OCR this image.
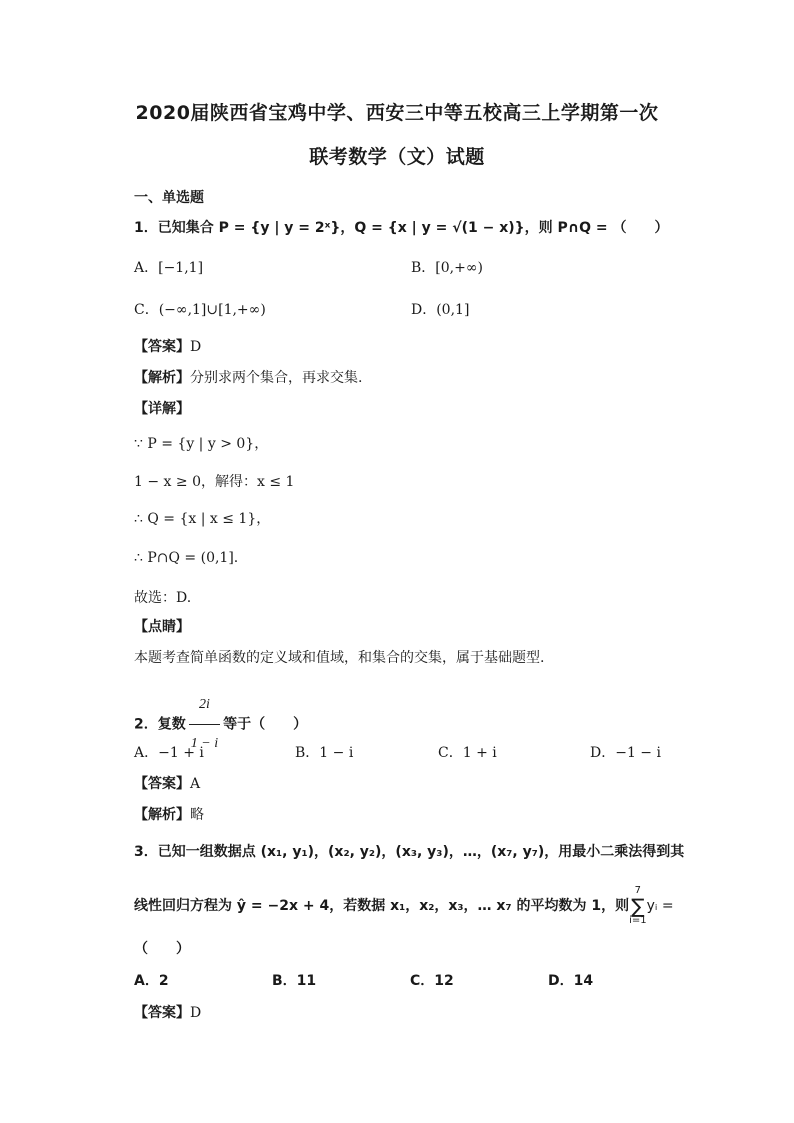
2020届陕西省宝鸡中学、西安三中等五校高三上学期第一次
联考数学（文）试题
一、单选题
1．已知集合 P = {y | y = 2ˣ}，Q = {x | y = √(1 − x)}，则 P∩Q = （　　）
A．[−1,1]	B．[0,+∞)
C．(−∞,1]∪[1,+∞)	D．(0,1]
【答案】D
【解析】分别求两个集合，再求交集.
【详解】
∵ P = {y | y > 0}，
1 − x ≥ 0，解得：x ≤ 1
∴ Q = {x | x ≤ 1}，
∴ P∩Q = (0,1].
故选：D.
【点睛】
本题考查简单函数的定义域和值域，和集合的交集，属于基础题型.
2．复数 $\frac{2i}{1 - i}$ 等于（　　）
A．−1 + i	B．1 − i	C．1 + i	D．−1 − i
【答案】A
【解析】略
3．已知一组数据点 (x₁, y₁)，(x₂, y₂)，(x₃, y₃)，…，(x₇, y₇)，用最小二乘法得到其
线性回归方程为 ŷ = −2x + 4，若数据 x₁，x₂，x₃，… x₇ 的平均数为 1，则7
∑
i=1yᵢ =
（　　）
A．2	B．11	C．12	D．14
【答案】D
